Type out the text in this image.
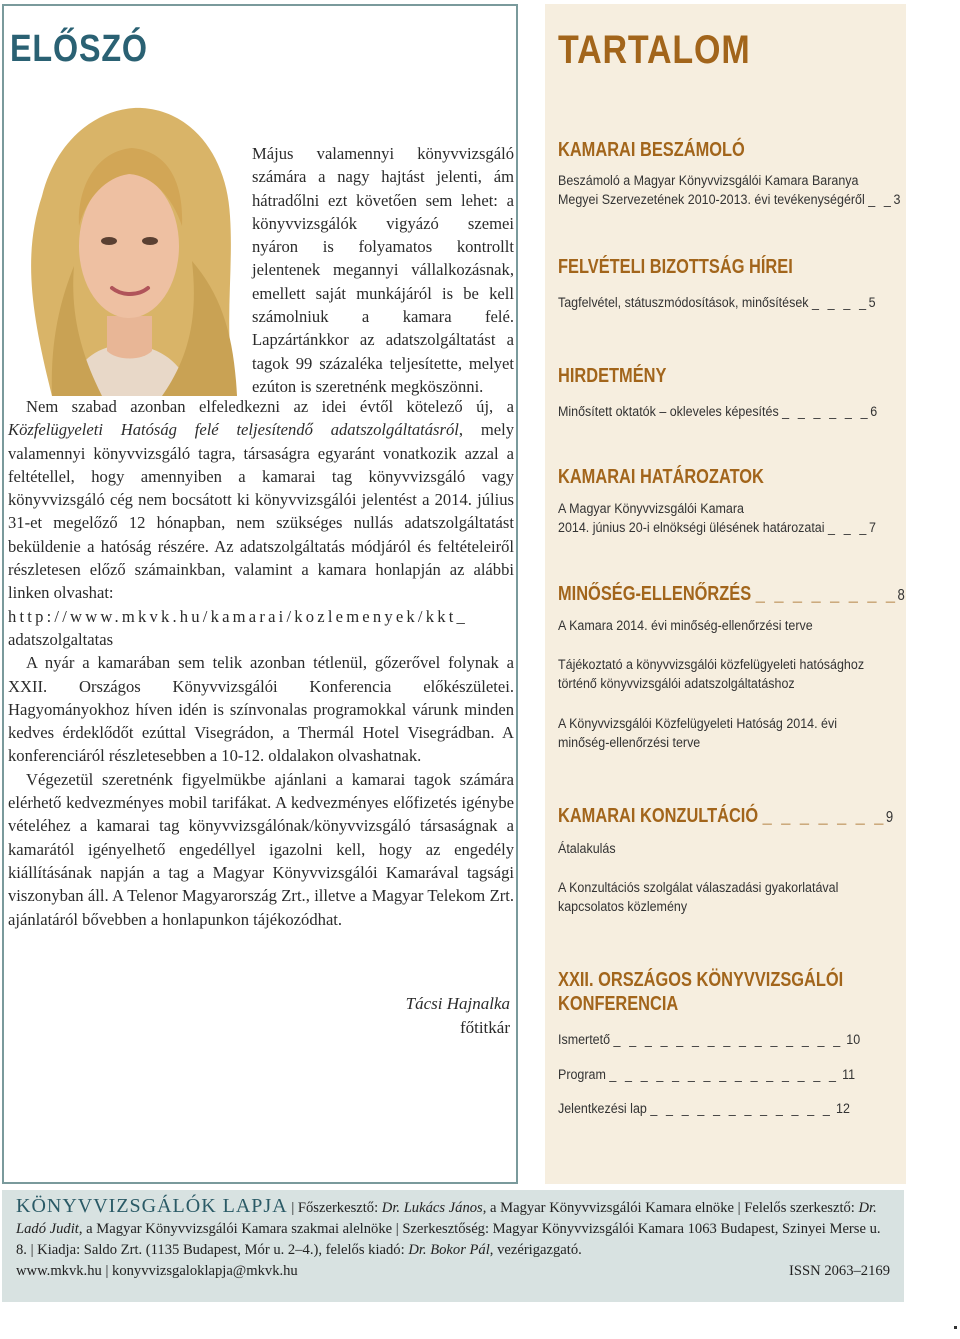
ELŐSZÓ
Május valamennyi könyvvizsgáló számára a nagy hajtást jelenti, ám hátradőlni ezt követően sem lehet: a könyvvizsgálók vigyázó szemei nyáron is folyamatos kontrollt jelentenek megannyi vállalkozásnak, emellett saját munkájáról is be kell számolniuk a kamara felé. Lapzártánkkor az adatszolgáltatást a tagok 99 százaléka teljesítette, melyet ezúton is szeretnénk megköszönni.

Nem szabad azonban elfeledkezni az idei évtől kötelező új, a Közfelügyeleti Hatóság felé teljesítendő adatszolgáltatásról, mely valamennyi könyvvizsgáló tagra, társaságra egyaránt vonatkozik azzal a feltétellel, hogy amennyiben a kamarai tag könyvvizsgáló vagy könyvvizsgáló cég nem bocsátott ki könyvvizsgálói jelentést a 2014. július 31-et megelőző 12 hónapban, nem szükséges nullás adatszolgáltatást beküldenie a hatóság részére. Az adatszolgáltatás módjáról és feltételeiről részletesen előző számainkban, valamint a kamara honlapján az alábbi linken olvashat:

http://www.mkvk.hu/kamarai/kozlemenyek/kkt_

adatszolgaltatas

A nyár a kamarában sem telik azonban tétlenül, gőzerővel folynak a XXII. Országos Könyvvizsgálói Konferencia előkészületei. Hagyományokhoz híven idén is színvonalas programokkal várunk minden kedves érdeklődőt ezúttal Visegrádon, a Thermál Hotel Visegrádban. A konferenciáról részletesebben a 10-12. oldalakon olvashatnak.

Végezetül szeretnénk figyelmükbe ajánlani a kamarai tagok számára elérhető kedvezményes mobil tarifákat. A kedvezményes előfizetés igénybe vételéhez a kamarai tag könyvvizsgálónak/könyvvizsgáló társaságnak a kamarától igényelhető engedéllyel igazolni kell, hogy az engedély kiállításának napján a tag a Magyar Könyvvizsgálói Kamarával tagsági viszonyban áll. A Telenor Magyarország Zrt., illetve a Magyar Telekom Zrt. ajánlatáról bővebben a honlapunkon tájékozódhat.

Tácsi Hajnalka
főtitkár
TARTALOM
KAMARAI BESZÁMOLÓ
Beszámoló a Magyar Könyvvizsgálói Kamara Baranya
Megyei Szervezetének 2010-2013. évi tevékenységéről _ _3
FELVÉTELI BIZOTTSÁG HÍREI
Tagfelvétel, státuszmódosítások, minősítések _ _ _ _5
HIRDETMÉNY
Minősített oktatók – okleveles képesítés _ _ _ _ _ _6
KAMARAI HATÁROZATOK
A Magyar Könyvvizsgálói Kamara
2014. június 20-i elnökségi ülésének határozatai _ _ _7
MINŐSÉG-ELLENŐRZÉS _ _ _ _ _ _ _ _8
A Kamara 2014. évi minőség-ellenőrzési terve
Tájékoztató a könyvvizsgálói közfelügyeleti hatósághoz
történő könyvvizsgálói adatszolgáltatáshoz
A Könyvvizsgálói Közfelügyeleti Hatóság 2014. évi
minőség-ellenőrzési terve
KAMARAI KONZULTÁCIÓ _ _ _ _ _ _ _9
Átalakulás
A Konzultációs szolgálat válaszadási gyakorlatával
kapcsolatos közlemény
XXII. ORSZÁGOS KÖNYVVIZSGÁLÓI
KONFERENCIA
Ismertető _ _ _ _ _ _ _ _ _ _ _ _ _ _ _ 10
Program _ _ _ _ _ _ _ _ _ _ _ _ _ _ _ 11
Jelentkezési lap _ _ _ _ _ _ _ _ _ _ _ _ 12
KÖNYVVIZSGÁLÓK LAPJA | Főszerkesztő: Dr. Lukács János, a Magyar Könyvvizsgálói Kamara elnöke | Felelős szerkesztő: Dr. Ladó Judit, a Magyar Könyvvizsgálói Kamara szakmai alelnöke | Szerkesztőség: Magyar Könyvvizsgálói Kamara 1063 Budapest, Szinyei Merse u. 8. | Kiadja: Saldo Zrt. (1135 Budapest, Mór u. 2–4.), felelős kiadó: Dr. Bokor Pál, vezérigazgató.
www.mkvk.hu | konyvvizsgaloklapja@mkvk.hu	ISSN 2063–2169
